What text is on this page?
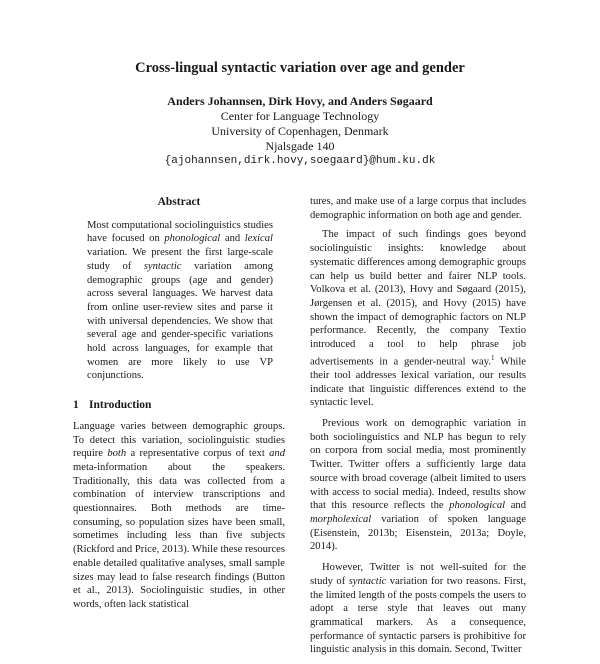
Cross-lingual syntactic variation over age and gender
Anders Johannsen, Dirk Hovy, and Anders Søgaard
Center for Language Technology
University of Copenhagen, Denmark
Njalsgade 140
{ajohannsen,dirk.hovy,soegaard}@hum.ku.dk
Abstract
Most computational sociolinguistics studies have focused on phonological and lexical variation. We present the first large-scale study of syntactic variation among demographic groups (age and gender) across several languages. We harvest data from online user-review sites and parse it with universal dependencies. We show that several age and gender-specific variations hold across languages, for example that women are more likely to use VP conjunctions.
1 Introduction

Language varies between demographic groups. To detect this variation, sociolinguistic studies require both a representative corpus of text and meta-information about the speakers. Traditionally, this data was collected from a combination of interview transcriptions and questionnaires. Both methods are time-consuming, so population sizes have been small, sometimes including less than five subjects (Rickford and Price, 2013). While these resources enable detailed qualitative analyses, small sample sizes may lead to false research findings (Button et al., 2013). Sociolinguistic studies, in other words, often lack statistical

tures, and make use of a large corpus that includes demographic information on both age and gender.

The impact of such findings goes beyond sociolinguistic insights: knowledge about systematic differences among demographic groups can help us build better and fairer NLP tools. Volkova et al. (2013), Hovy and Søgaard (2015), Jørgensen et al. (2015), and Hovy (2015) have shown the impact of demographic factors on NLP performance. Recently, the company Textio introduced a tool to help phrase job advertisements in a gender-neutral way.$^1$ While their tool addresses lexical variation, our results indicate that linguistic differences extend to the syntactic level.

Previous work on demographic variation in both sociolinguistics and NLP has begun to rely on corpora from social media, most prominently Twitter. Twitter offers a sufficiently large data source with broad coverage (albeit limited to users with access to social media). Indeed, results show that this resource reflects the phonological and morpholexical variation of spoken language (Eisenstein, 2013b; Eisenstein, 2013a; Doyle, 2014).

However, Twitter is not well-suited for the study of syntactic variation for two reasons. First, the limited length of the posts compels the users to adopt a terse style that leaves out many grammatical markers. As a consequence, performance of syntactic parsers is prohibitive for linguistic analysis in this domain. Second, Twitter
